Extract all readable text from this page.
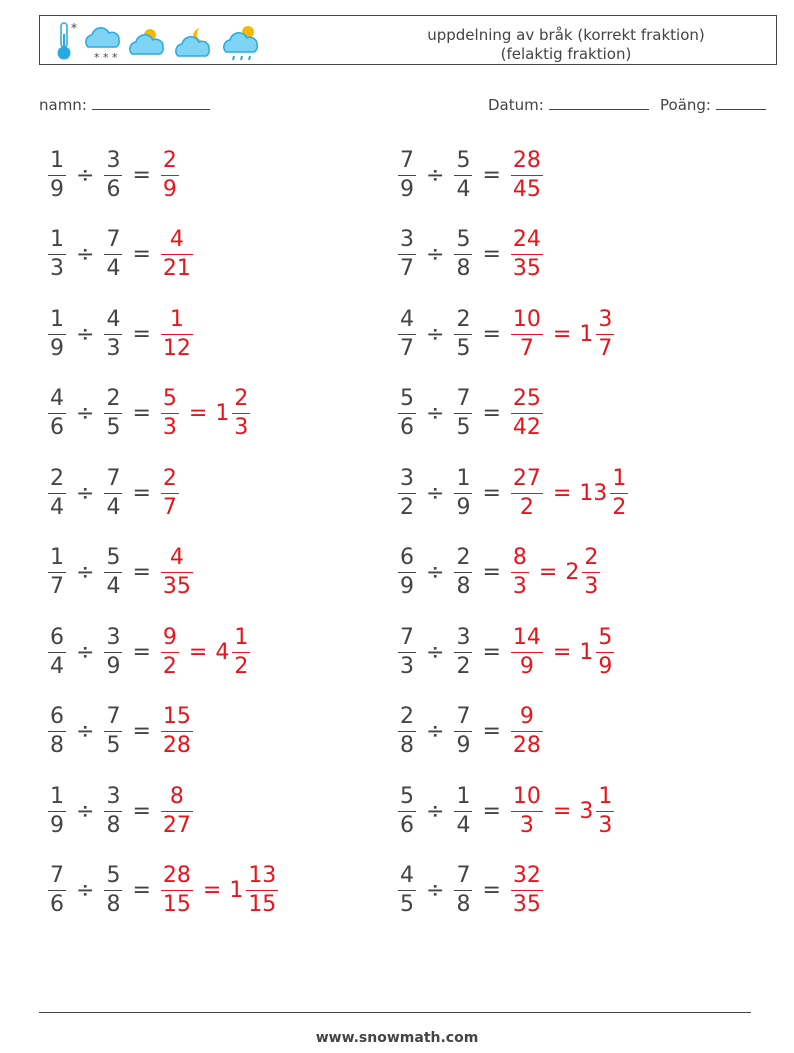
*
* * *
uppdelning av bråk (korrekt fraktion)
(felaktig fraktion)
namn:	Datum:	Poäng:
$\frac{1}{9} \div \frac{3}{6} = \frac{2}{9}$	$\frac{7}{9} \div \frac{5}{4} = \frac{28}{45}$
$\frac{1}{3} \div \frac{7}{4} = \frac{4}{21}$	$\frac{3}{7} \div \frac{5}{8} = \frac{24}{35}$
$\frac{1}{9} \div \frac{4}{3} = \frac{1}{12}$	$\frac{4}{7} \div \frac{2}{5} = \frac{10}{7} = 1 \frac{3}{7}$
$\frac{4}{6} \div \frac{2}{5} = \frac{5}{3} = 1 \frac{2}{3}$	$\frac{5}{6} \div \frac{7}{5} = \frac{25}{42}$
$\frac{2}{4} \div \frac{7}{4} = \frac{2}{7}$	$\frac{3}{2} \div \frac{1}{9} = \frac{27}{2} = 13 \frac{1}{2}$
$\frac{1}{7} \div \frac{5}{4} = \frac{4}{35}$	$\frac{6}{9} \div \frac{2}{8} = \frac{8}{3} = 2 \frac{2}{3}$
$\frac{6}{4} \div \frac{3}{9} = \frac{9}{2} = 4 \frac{1}{2}$	$\frac{7}{3} \div \frac{3}{2} = \frac{14}{9} = 1 \frac{5}{9}$
$\frac{6}{8} \div \frac{7}{5} = \frac{15}{28}$	$\frac{2}{8} \div \frac{7}{9} = \frac{9}{28}$
$\frac{1}{9} \div \frac{3}{8} = \frac{8}{27}$	$\frac{5}{6} \div \frac{1}{4} = \frac{10}{3} = 3 \frac{1}{3}$
$\frac{7}{6} \div \frac{5}{8} = \frac{28}{15} = 1 \frac{13}{15}$	$\frac{4}{5} \div \frac{7}{8} = \frac{32}{35}$
www.snowmath.com
